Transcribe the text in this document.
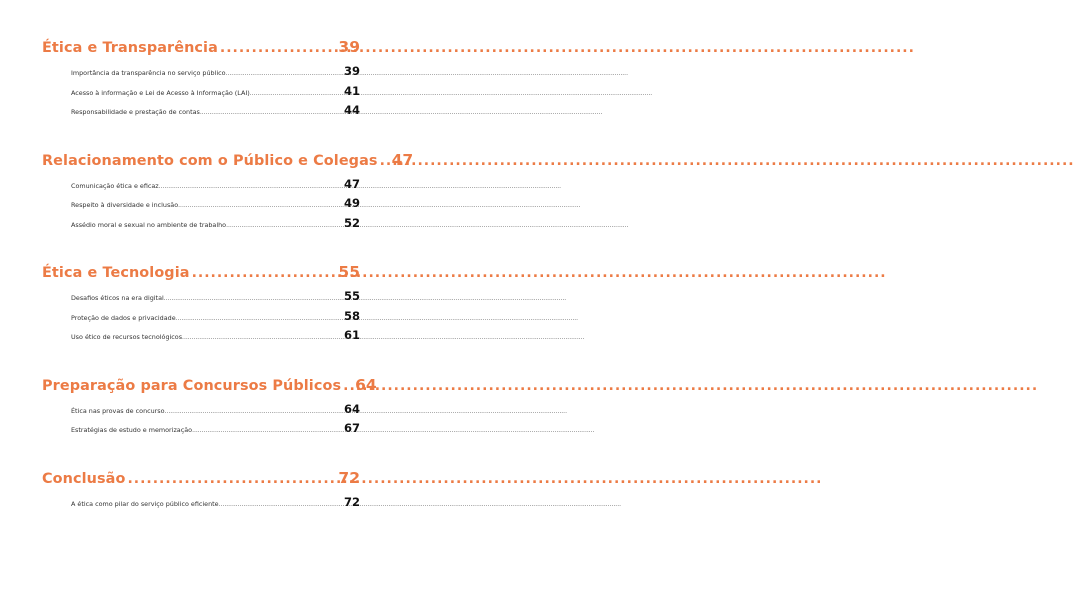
Ética e Transparência .....	39
Importância da transparência no serviço público .....	39
Acesso à informação e Lei de Acesso à Informação (LAI) .....	41
Responsabilidade e prestação de contas .....	44
Relacionamento com o Público e Colegas ..... 47
Comunicação ética e eficaz .....	47
Respeito à diversidade e inclusão .....	49
Assédio moral e sexual no ambiente de trabalho .....	52
Ética e Tecnologia .....	55
Desafios éticos na era digital .....	55
Proteção de dados e privacidade .....	58
Uso ético de recursos tecnológicos .....	61
Preparação para Concursos Públicos ..... 64
Ética nas provas de concurso .....	64
Estratégias de estudo e memorização .....	67
Conclusão .....	72
A ética como pilar do serviço público eficiente .....	72
